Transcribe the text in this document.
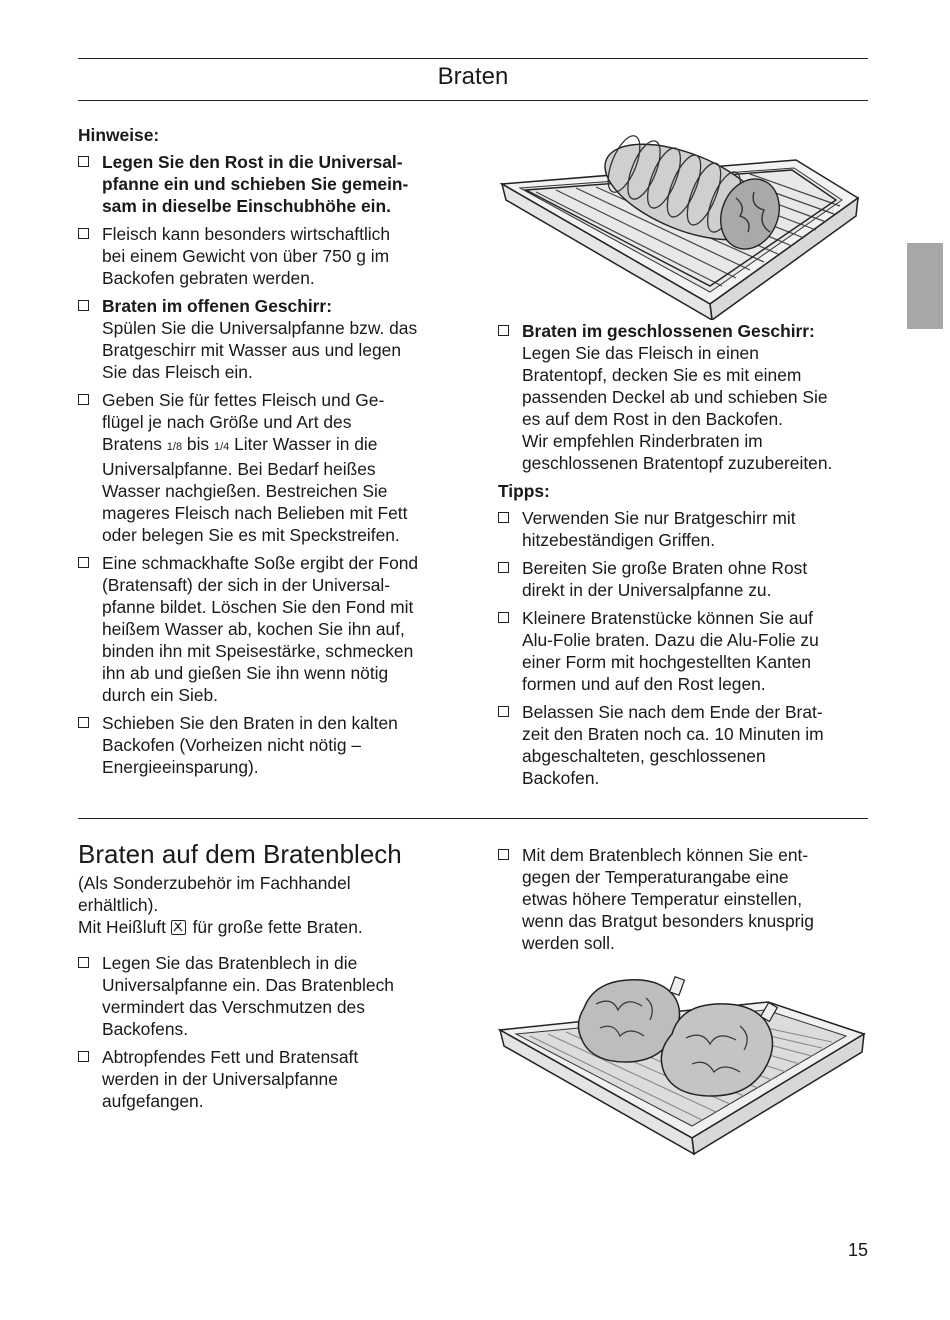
Braten
Hinweise:
Legen Sie den Rost in die Universal-
pfanne ein und schieben Sie gemein-
sam in dieselbe Einschubhöhe ein.
Fleisch kann besonders wirtschaftlich
bei einem Gewicht von über 750 g im
Backofen gebraten werden.
Braten im offenen Geschirr:
Spülen Sie die Universalpfanne bzw. das
Bratgeschirr mit Wasser aus und legen
Sie das Fleisch ein.
Geben Sie für fettes Fleisch und Ge-
flügel je nach Größe und Art des
Bratens 1/8 bis 1/4 Liter Wasser in die
Universalpfanne. Bei Bedarf heißes
Wasser nachgießen. Bestreichen Sie
mageres Fleisch nach Belieben mit Fett
oder belegen Sie es mit Speckstreifen.
Eine schmackhafte Soße ergibt der Fond
(Bratensaft) der sich in der Universal-
pfanne bildet. Löschen Sie den Fond mit
heißem Wasser ab, kochen Sie ihn auf,
binden ihn mit Speisestärke, schmecken
ihn ab und gießen Sie ihn wenn nötig
durch ein Sieb.
Schieben Sie den Braten in den kalten
Backofen (Vorheizen nicht nötig –
Energieeinsparung).
Braten im geschlossenen Geschirr:
Legen Sie das Fleisch in einen
Bratentopf, decken Sie es mit einem
passenden Deckel ab und schieben Sie
es auf dem Rost in den Backofen.
Wir empfehlen Rinderbraten im
geschlossenen Bratentopf zuzubereiten.
Tipps:
Verwenden Sie nur Bratgeschirr mit
hitzebeständigen Griffen.
Bereiten Sie große Braten ohne Rost
direkt in der Universalpfanne zu.
Kleinere Bratenstücke können Sie auf
Alu-Folie braten. Dazu die Alu-Folie zu
einer Form mit hochgestellten Kanten
formen und auf den Rost legen.
Belassen Sie nach dem Ende der Brat-
zeit den Braten noch ca. 10 Minuten im
abgeschalteten, geschlossenen
Backofen.
Braten auf dem Bratenblech
(Als Sonderzubehör im Fachhandel
erhältlich).
Mit Heißluft
für große fette Braten.
Legen Sie das Bratenblech in die
Universalpfanne ein. Das Bratenblech
vermindert das Verschmutzen des
Backofens.
Abtropfendes Fett und Bratensaft
werden in der Universalpfanne
aufgefangen.
Mit dem Bratenblech können Sie ent-
gegen der Temperaturangabe eine
etwas höhere Temperatur einstellen,
wenn das Bratgut besonders knusprig
werden soll.
15
